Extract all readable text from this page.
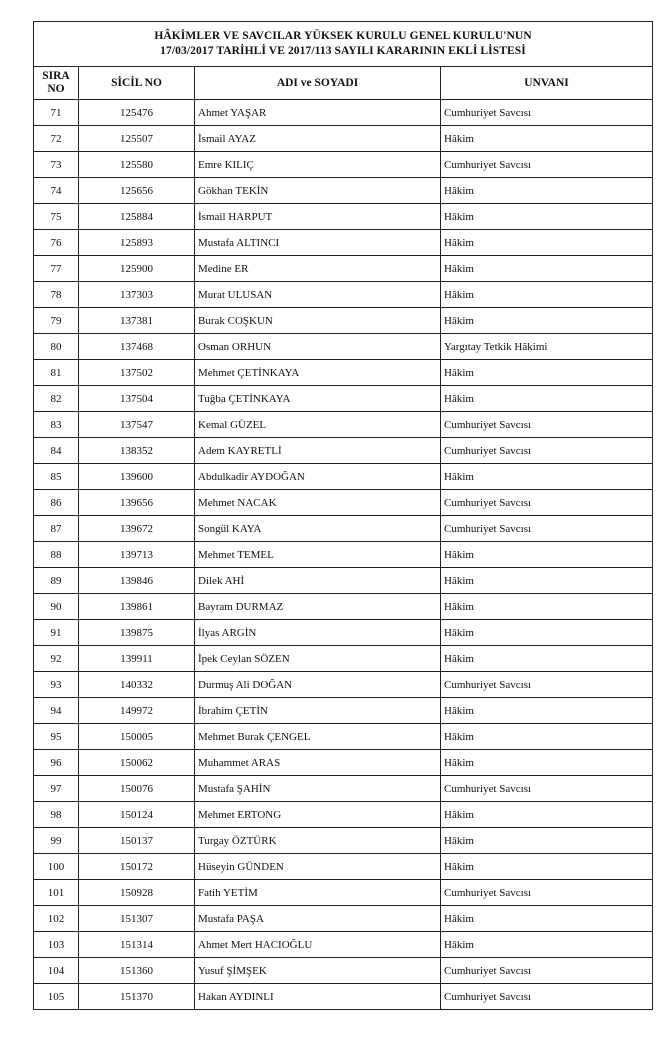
HÂKİMLER VE SAVCILAR YÜKSEK KURULU GENEL KURULU'NUN
17/03/2017 TARİHLİ VE 2017/113 SAYILI KARARININ EKLİ LİSTESİ			

SIRA
NO	SİCİL NO	ADI ve SOYADI	UNVANI
71	125476	Ahmet YAŞAR	Cumhuriyet Savcısı
72	125507	İsmail AYAZ	Hâkim
73	125580	Emre KILIÇ	Cumhuriyet Savcısı
74	125656	Gökhan TEKİN	Hâkim
75	125884	İsmail HARPUT	Hâkim
76	125893	Mustafa ALTINCI	Hâkim
77	125900	Medine ER	Hâkim
78	137303	Murat ULUSAN	Hâkim
79	137381	Burak COŞKUN	Hâkim
80	137468	Osman ORHUN	Yargıtay Tetkik Hâkimi
81	137502	Mehmet ÇETİNKAYA	Hâkim
82	137504	Tuğba ÇETİNKAYA	Hâkim
83	137547	Kemal GÜZEL	Cumhuriyet Savcısı
84	138352	Adem KAYRETLİ	Cumhuriyet Savcısı
85	139600	Abdulkadir AYDOĞAN	Hâkim
86	139656	Mehmet NACAK	Cumhuriyet Savcısı
87	139672	Songül KAYA	Cumhuriyet Savcısı
88	139713	Mehmet TEMEL	Hâkim
89	139846	Dilek AHİ	Hâkim
90	139861	Bayram DURMAZ	Hâkim
91	139875	İlyas ARGİN	Hâkim
92	139911	İpek Ceylan SÖZEN	Hâkim
93	140332	Durmuş Ali DOĞAN	Cumhuriyet Savcısı
94	149972	İbrahim ÇETİN	Hâkim
95	150005	Mehmet Burak ÇENGEL	Hâkim
96	150062	Muhammet ARAS	Hâkim
97	150076	Mustafa ŞAHİN	Cumhuriyet Savcısı
98	150124	Mehmet ERTONG	Hâkim
99	150137	Turgay ÖZTÜRK	Hâkim
100	150172	Hüseyin GÜNDEN	Hâkim
101	150928	Fatih YETİM	Cumhuriyet Savcısı
102	151307	Mustafa PAŞA	Hâkim
103	151314	Ahmet Mert HACIOĞLU	Hâkim
104	151360	Yusuf ŞİMŞEK	Cumhuriyet Savcısı
105	151370	Hakan AYDINLI	Cumhuriyet Savcısı
